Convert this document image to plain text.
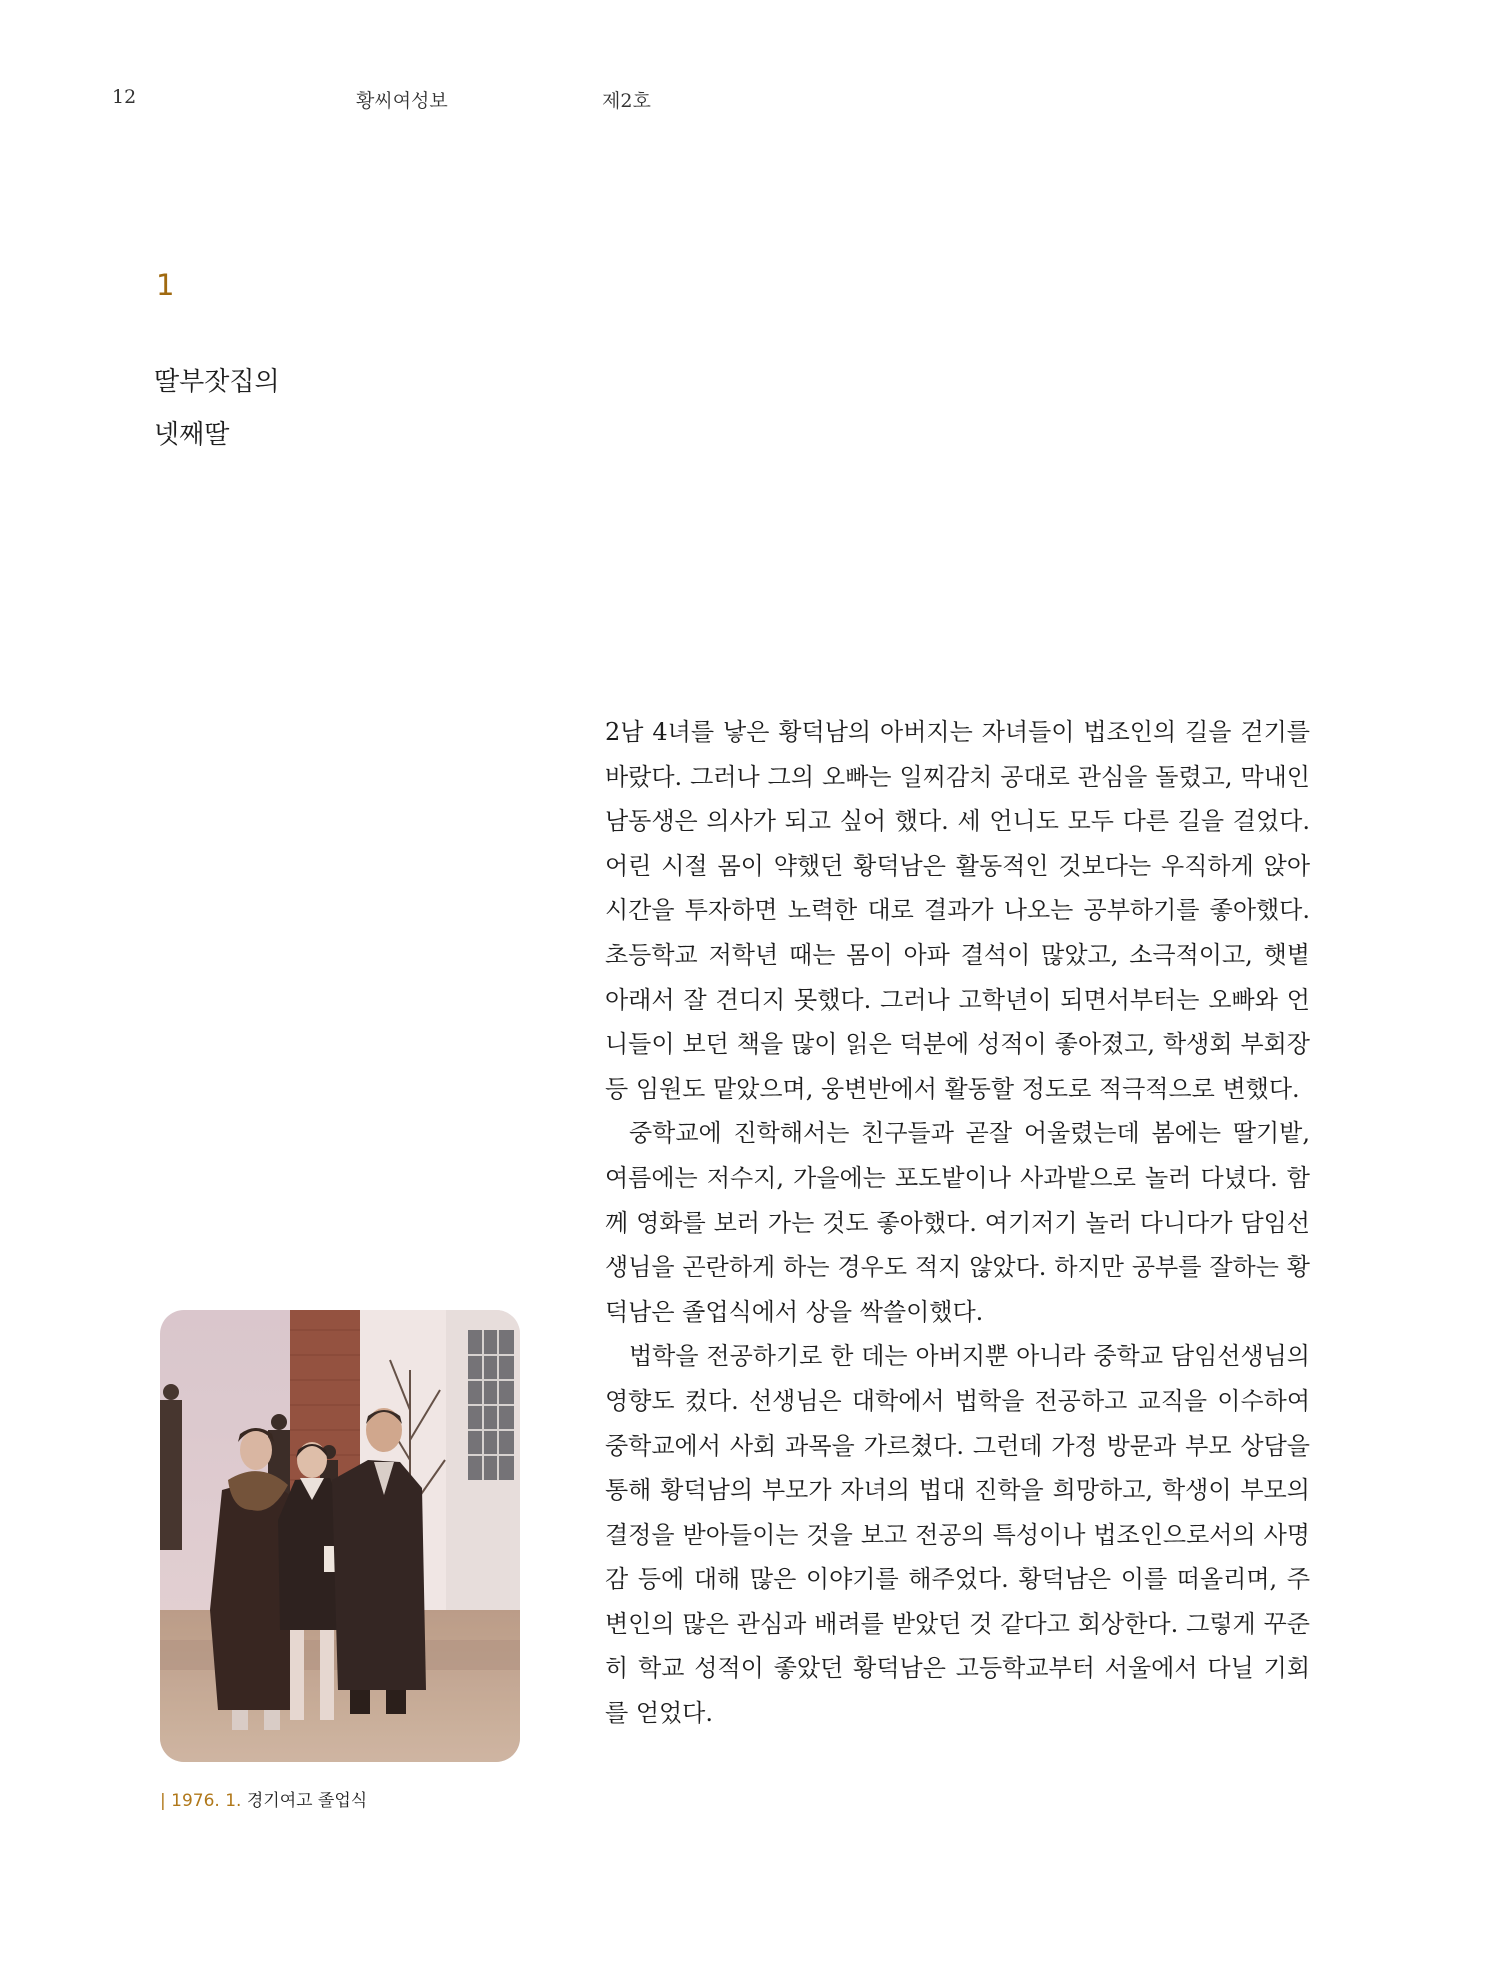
12	황씨여성보	제2호
1
딸부잣집의
넷째딸

2남 4녀를 낳은 황덕남의 아버지는 자녀들이 법조인의 길을 걷기를 바랐다. 그러나 그의 오빠는 일찌감치 공대로 관심을 돌렸고, 막내인 남동생은 의사가 되고 싶어 했다. 세 언니도 모두 다른 길을 걸었다. 어린 시절 몸이 약했던 황덕남은 활동적인 것보다는 우직하게 앉아 시간을 투자하면 노력한 대로 결과가 나오는 공부하기를 좋아했다. 초등학교 저학년 때는 몸이 아파 결석이 많았고, 소극적이고, 햇볕 아래서 잘 견디지 못했다. 그러나 고학년이 되면서부터는 오빠와 언니들이 보던 책을 많이 읽은 덕분에 성적이 좋아졌고, 학생회 부회장 등 임원도 맡았으며, 웅변반에서 활동할 정도로 적극적으로 변했다.

중학교에 진학해서는 친구들과 곧잘 어울렸는데 봄에는 딸기밭, 여름에는 저수지, 가을에는 포도밭이나 사과밭으로 놀러 다녔다. 함께 영화를 보러 가는 것도 좋아했다. 여기저기 놀러 다니다가 담임선생님을 곤란하게 하는 경우도 적지 않았다. 하지만 공부를 잘하는 황덕남은 졸업식에서 상을 싹쓸이했다.

법학을 전공하기로 한 데는 아버지뿐 아니라 중학교 담임선생님의 영향도 컸다. 선생님은 대학에서 법학을 전공하고 교직을 이수하여 중학교에서 사회 과목을 가르쳤다. 그런데 가정 방문과 부모 상담을 통해 황덕남의 부모가 자녀의 법대 진학을 희망하고, 학생이 부모의 결정을 받아들이는 것을 보고 전공의 특성이나 법조인으로서의 사명감 등에 대해 많은 이야기를 해주었다. 황덕남은 이를 떠올리며, 주변인의 많은 관심과 배려를 받았던 것 같다고 회상한다. 그렇게 꾸준히 학교 성적이 좋았던 황덕남은 고등학교부터 서울에서 다닐 기회를 얻었다.

| 1976. 1. 경기여고 졸업식
